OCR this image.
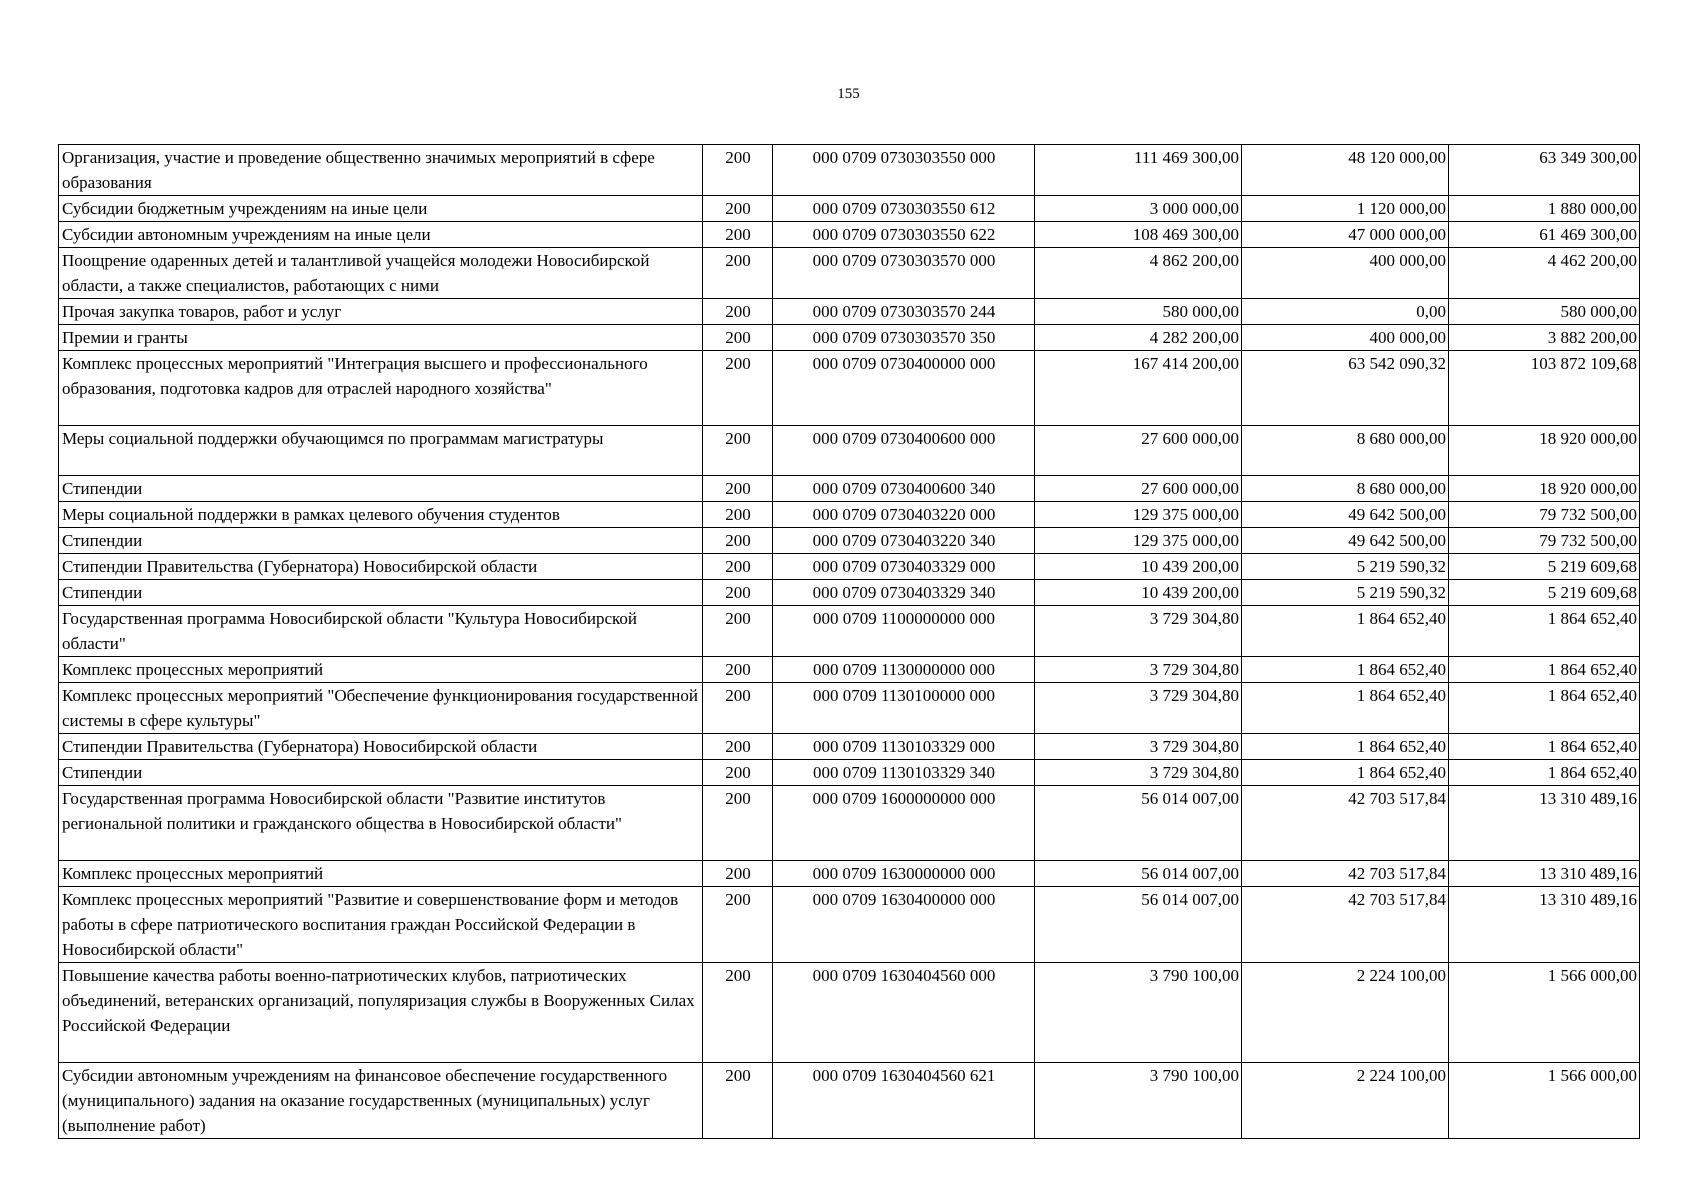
155
Организация, участие и проведение общественно значимых мероприятий в сфере образования	200	000 0709 0730303550 000	111 469 300,00	48 120 000,00	63 349 300,00
Субсидии бюджетным учреждениям на иные цели	200	000 0709 0730303550 612	3 000 000,00	1 120 000,00	1 880 000,00
Субсидии автономным учреждениям на иные цели	200	000 0709 0730303550 622	108 469 300,00	47 000 000,00	61 469 300,00
Поощрение одаренных детей и талантливой учащейся молодежи Новосибирской области, а также специалистов, работающих с ними	200	000 0709 0730303570 000	4 862 200,00	400 000,00	4 462 200,00
Прочая закупка товаров, работ и услуг	200	000 0709 0730303570 244	580 000,00	0,00	580 000,00
Премии и гранты	200	000 0709 0730303570 350	4 282 200,00	400 000,00	3 882 200,00
Комплекс процессных мероприятий "Интеграция высшего и профессионального образования, подготовка кадров для отраслей народного хозяйства"	200	000 0709 0730400000 000	167 414 200,00	63 542 090,32	103 872 109,68
Меры социальной поддержки обучающимся по программам магистратуры	200	000 0709 0730400600 000	27 600 000,00	8 680 000,00	18 920 000,00
Стипендии	200	000 0709 0730400600 340	27 600 000,00	8 680 000,00	18 920 000,00
Меры социальной поддержки в рамках целевого обучения студентов	200	000 0709 0730403220 000	129 375 000,00	49 642 500,00	79 732 500,00
Стипендии	200	000 0709 0730403220 340	129 375 000,00	49 642 500,00	79 732 500,00
Стипендии Правительства (Губернатора) Новосибирской области	200	000 0709 0730403329 000	10 439 200,00	5 219 590,32	5 219 609,68
Стипендии	200	000 0709 0730403329 340	10 439 200,00	5 219 590,32	5 219 609,68
Государственная программа Новосибирской области "Культура Новосибирской области"	200	000 0709 1100000000 000	3 729 304,80	1 864 652,40	1 864 652,40
Комплекс процессных мероприятий	200	000 0709 1130000000 000	3 729 304,80	1 864 652,40	1 864 652,40
Комплекс процессных мероприятий "Обеспечение функционирования государственной системы в сфере культуры"	200	000 0709 1130100000 000	3 729 304,80	1 864 652,40	1 864 652,40
Стипендии Правительства (Губернатора) Новосибирской области	200	000 0709 1130103329 000	3 729 304,80	1 864 652,40	1 864 652,40
Стипендии	200	000 0709 1130103329 340	3 729 304,80	1 864 652,40	1 864 652,40
Государственная программа Новосибирской области "Развитие институтов региональной политики и гражданского общества в Новосибирской области"	200	000 0709 1600000000 000	56 014 007,00	42 703 517,84	13 310 489,16
Комплекс процессных мероприятий	200	000 0709 1630000000 000	56 014 007,00	42 703 517,84	13 310 489,16
Комплекс процессных мероприятий "Развитие и совершенствование форм и методов работы в сфере патриотического воспитания граждан Российской Федерации в Новосибирской области"	200	000 0709 1630400000 000	56 014 007,00	42 703 517,84	13 310 489,16
Повышение качества работы военно-патриотических клубов, патриотических объединений, ветеранских организаций, популяризация службы в Вооруженных Силах Российской Федерации	200	000 0709 1630404560 000	3 790 100,00	2 224 100,00	1 566 000,00
Субсидии автономным учреждениям на финансовое обеспечение государственного (муниципального) задания на оказание государственных (муниципальных) услуг (выполнение работ)	200	000 0709 1630404560 621	3 790 100,00	2 224 100,00	1 566 000,00
